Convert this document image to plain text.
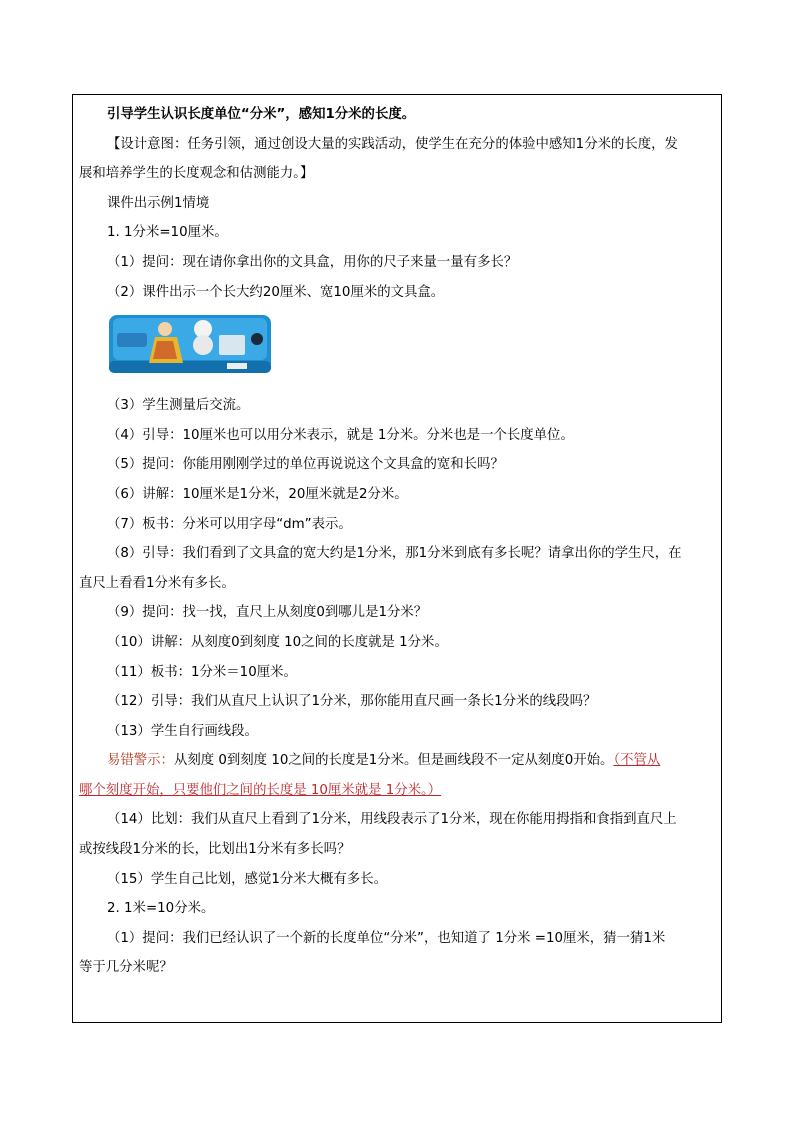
引导学生认识长度单位“分米”，感知1分米的长度。
【设计意图：任务引领，通过创设大量的实践活动，使学生在充分的体验中感知1分米的长度，发
展和培养学生的长度观念和估测能力。】
课件出示例1情境
1. 1分米=10厘米。
（1）提问：现在请你拿出你的文具盒，用你的尺子来量一量有多长？
（2）课件出示一个长大约20厘米、宽10厘米的文具盒。
（3）学生测量后交流。
（4）引导：10厘米也可以用分米表示，就是 1分米。分米也是一个长度单位。
（5）提问：你能用刚刚学过的单位再说说这个文具盒的宽和长吗？
（6）讲解：10厘米是1分米，20厘米就是2分米。
（7）板书：分米可以用字母“dm”表示。
（8）引导：我们看到了文具盒的宽大约是1分米，那1分米到底有多长呢？请拿出你的学生尺，在
直尺上看看1分米有多长。
（9）提问：找一找，直尺上从刻度0到哪儿是1分米？
（10）讲解：从刻度0到刻度 10之间的长度就是 1分米。
（11）板书：1分米＝10厘米。
（12）引导：我们从直尺上认识了1分米，那你能用直尺画一条长1分米的线段吗？
（13）学生自行画线段。
易错警示：从刻度 0到刻度 10之间的长度是1分米。但是画线段不一定从刻度0开始。（不管从
哪个刻度开始，只要他们之间的长度是 10厘米就是 1分米。）
（14）比划：我们从直尺上看到了1分米，用线段表示了1分米，现在你能用拇指和食指到直尺上
或按线段1分米的长，比划出1分米有多长吗？
（15）学生自己比划，感觉1分米大概有多长。
2. 1米=10分米。
（1）提问：我们已经认识了一个新的长度单位“分米”，也知道了 1分米 =10厘米，猜一猜1米
等于几分米呢？
